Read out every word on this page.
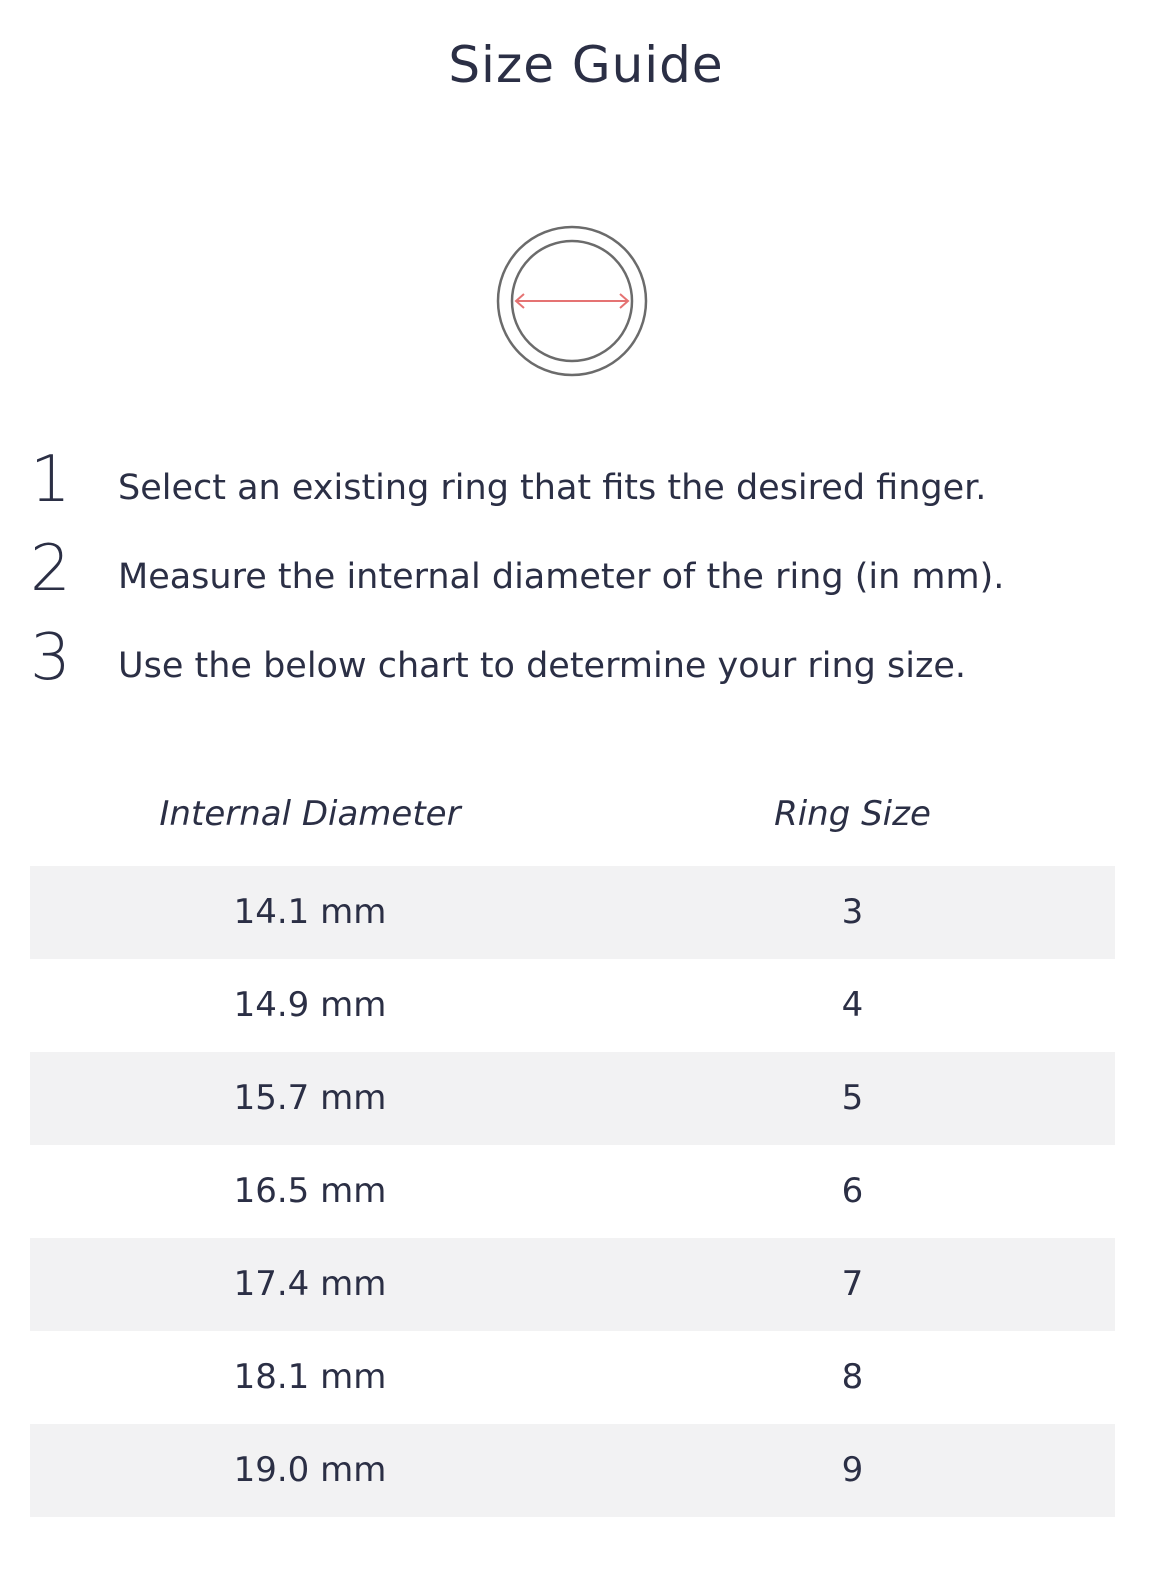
Size Guide
1 Select an existing ring that fits the desired finger.
2 Measure the internal diameter of the ring (in mm).
3 Use the below chart to determine your ring size.
Internal Diameter	Ring Size
14.1 mm	3
14.9 mm	4
15.7 mm	5
16.5 mm	6
17.4 mm	7
18.1 mm	8
19.0 mm	9
